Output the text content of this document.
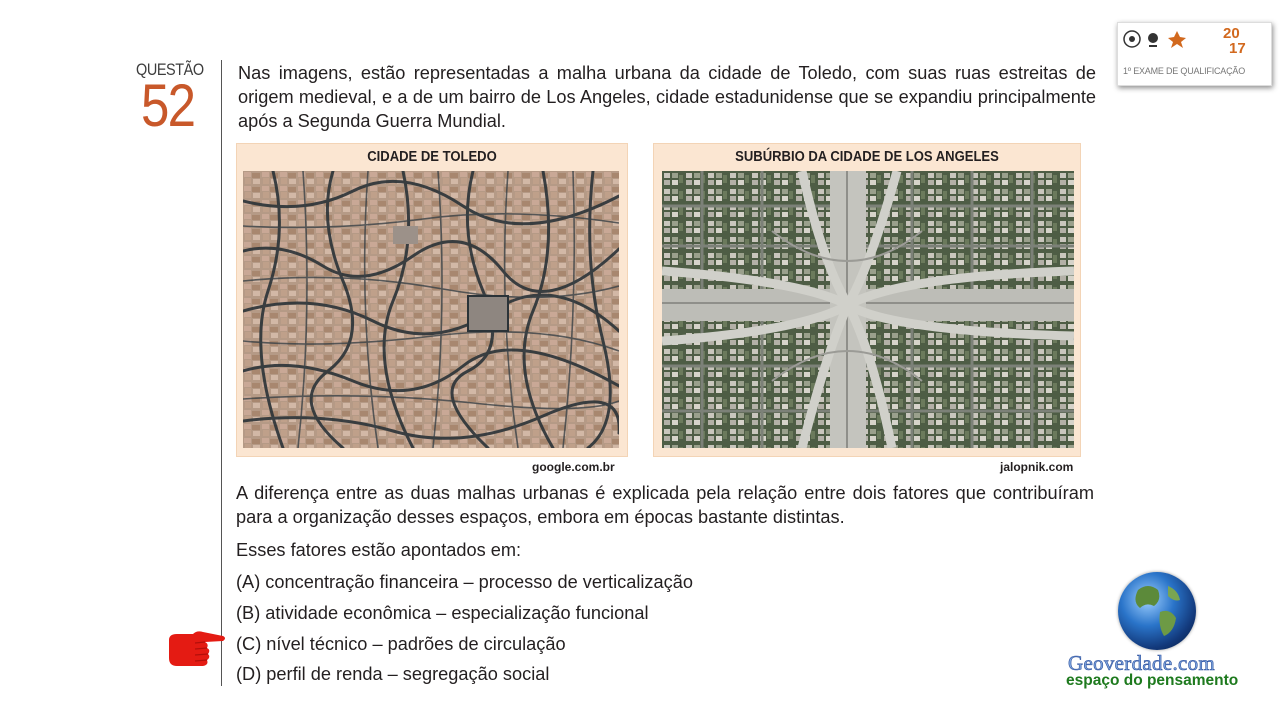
QUESTÃO
52 Nas imagens, estão representadas a malha urbana da cidade de Toledo, com suas ruas estreitas de origem medieval, e a de um bairro de Los Angeles, cidade estadunidense que se expandiu principalmente após a Segunda Guerra Mundial.
CIDADE DE TOLEDO
google.com.br
SUBÚRBIO DA CIDADE DE LOS ANGELES
jalopnik.com
A diferença entre as duas malhas urbanas é explicada pela relação entre dois fatores que contribuíram para a organização desses espaços, embora em épocas bastante distintas.
Esses fatores estão apontados em:
(A) concentração financeira – processo de verticalização
(B) atividade econômica – especialização funcional
(C) nível técnico – padrões de circulação
(D) perfil de renda – segregação social
20
17
1º EXAME DE QUALIFICAÇÃO
Geoverdade.com
espaço do pensamento
